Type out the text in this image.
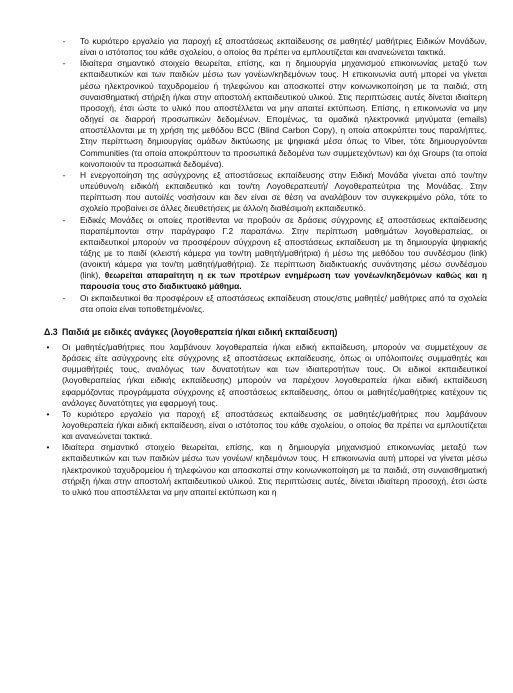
-	Το κυριότερο εργαλείο για παροχή εξ αποστάσεως εκπαίδευσης σε μαθητές/ μαθήτριες Ειδικών Μονάδων, είναι ο ιστότοπος του κάθε σχολείου, ο οποίος θα πρέπει να εμπλουτίζεται και ανανεώνεται τακτικά.
-	Ιδιαίτερα σημαντικό στοιχείο θεωρείται, επίσης, και η δημιουργία μηχανισμού επικοινωνίας μεταξύ των εκπαιδευτικών και των παιδιών μέσω των γονέων/κηδεμόνων τους. Η επικοινωνία αυτή μπορεί να γίνεται μέσω ηλεκτρονικού ταχυδρομείου ή τηλεφώνου και αποσκοπεί στην κοινωνικοποίηση με τα παιδιά, στη συναισθηματική στήριξη ή/και στην αποστολή εκπαιδευτικού υλικού. Στις περιπτώσεις αυτές δίνεται ιδιαίτερη προσοχή, έτσι ώστε το υλικό που αποστέλλεται να μην απαιτεί εκτύπωση. Επίσης, η επικοινωνία να μην οδηγεί σε διαρροή προσωπικών δεδομένων. Επομένως, τα ομαδικά ηλεκτρονικά μηνύματα (emails) αποστέλλονται με τη χρήση της μεθόδου BCC (Blind Carbon Copy), η οποία αποκρύπτει τους παραλήπτες. Στην περίπτωση δημιουργίας ομάδων δικτύωσης με ψηφιακά μέσα όπως το Viber, τότε δημιουργούνται Communities (τα οποία αποκρύπτουν τα προσωπικά δεδομένα των συμμετεχόντων) και όχι Groups (τα οποία κοινοποιούν τα προσωπικά δεδομένα).
-	Η ενεργοποίηση της ασύγχρονης εξ αποστάσεως εκπαίδευσης στην Ειδική Μονάδα γίνεται από τον/την υπεύθυνο/η ειδικό/ή εκπαιδευτικό και τον/τη Λογοθεραπευτή/ Λογοθεραπεύτρια της Μονάδας. Στην περίπτωση που αυτοί/ές νοσήσουν και δεν είναι σε θέση να αναλάβουν τον συγκεκριμένο ρόλο, τότε το σχολείο προβαίνει σε άλλες διευθετήσεις με άλλο/η διαθέσιμο/η εκπαιδευτικό.
-	Ειδικές Μονάδες οι οποίες προτίθενται να προβούν σε δράσεις σύγχρονης εξ αποστάσεως εκπαίδευσης παραπέμπονται στην παράγραφο Γ.2 παραπάνω. Στην περίπτωση μαθημάτων λογοθεραπείας, οι εκπαιδευτικοί μπορούν να προσφέρουν σύγχρονη εξ αποστάσεως εκπαίδευση με τη δημιουργία ψηφιακής τάξης με το παιδί (κλειστή κάμερα για τον/τη μαθητή/μαθήτρια) ή μέσω της μεθόδου του συνδέσμου (link) (ανοικτή κάμερα για τον/τη μαθητή/μαθήτρια). Σε περίπτωση διαδικτυακής συνάντησης μέσω συνδέσμου (link), θεωρείται απαραίτητη η εκ των προτέρων ενημέρωση των γονέων/κηδεμόνων καθώς και η παρουσία τους στο διαδικτυακό μάθημα.
-	Οι εκπαιδευτικοί θα προσφέρουν εξ αποστάσεως εκπαίδευση στους/στις μαθητές/ μαθήτριες από τα σχολεία στα οποία είναι τοποθετημένοι/ες.
Δ.3 Παιδιά με ειδικές ανάγκες (λογοθεραπεία ή/και ειδική εκπαίδευση)
•	Οι μαθητές/μαθήτριες που λαμβάνουν λογοθεραπεία ή/και ειδική εκπαίδευση, μπορούν να συμμετέχουν σε δράσεις είτε ασύγχρονης είτε σύγχρονης εξ αποστάσεως εκπαίδευσης, όπως οι υπόλοιποι/ες συμμαθητές και συμμαθήτριές τους, αναλόγως των δυνατοτήτων και των ιδιαιτεροτήτων τους. Οι ειδικοί εκπαιδευτικοί (λογοθεραπείας ή/και ειδικής εκπαίδευσης) μπορούν να παρέχουν λογοθεραπεία ή/και ειδική εκπαίδευση εφαρμόζοντας προγράμματα σύγχρονης εξ αποστάσεως εκπαίδευσης, όπου οι μαθητές/μαθήτριες κατέχουν τις ανάλογες δυνατότητες για εφαρμογή τους.
•	Το κυριότερο εργαλείο για παροχή εξ αποστάσεως εκπαίδευσης σε μαθητές/μαθήτριες που λαμβάνουν λογοθεραπεία ή/και ειδική εκπαίδευση, είναι ο ιστότοπος του κάθε σχολείου, ο οποίος θα πρέπει να εμπλουτίζεται και ανανεώνεται τακτικά.
•	Ιδιαίτερα σημαντικό στοιχείο θεωρείται, επίσης, και η δημιουργία μηχανισμού επικοινωνίας μεταξύ των εκπαιδευτικών και των παιδιών μέσω των γονέων/ κηδεμόνων τους. Η επικοινωνία αυτή μπορεί να γίνεται μέσω ηλεκτρονικού ταχυδρομείου ή τηλεφώνου και αποσκοπεί στην κοινωνικοποίηση με τα παιδιά, στη συναισθηματική στήριξη ή/και στην αποστολή εκπαιδευτικού υλικού. Στις περιπτώσεις αυτές, δίνεται ιδιαίτερη προσοχή, έτσι ώστε το υλικό που αποστέλλεται να μην απαιτεί εκτύπωση και η
